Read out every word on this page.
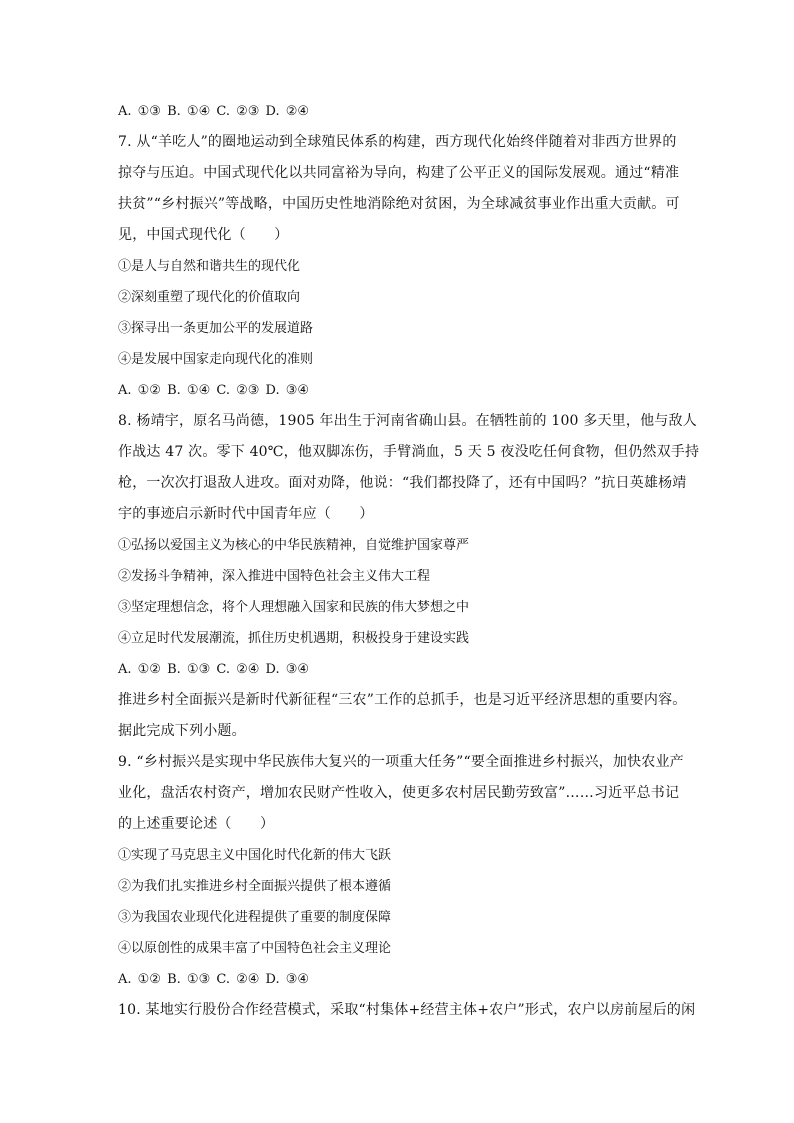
A. ①③ B. ①④ C. ②③ D. ②④
7. 从“羊吃人”的圈地运动到全球殖民体系的构建，西方现代化始终伴随着对非西方世界的
掠夺与压迫。中国式现代化以共同富裕为导向，构建了公平正义的国际发展观。通过“精准
扶贫”“乡村振兴”等战略，中国历史性地消除绝对贫困，为全球减贫事业作出重大贡献。可
见，中国式现代化（　　）
①是人与自然和谐共生的现代化
②深刻重塑了现代化的价值取向
③探寻出一条更加公平的发展道路
④是发展中国家走向现代化的准则
A. ①② B. ①④ C. ②③ D. ③④
8. 杨靖宇，原名马尚德，1905 年出生于河南省确山县。在牺牲前的 100 多天里，他与敌人
作战达 47 次。零下 40℃，他双脚冻伤，手臂淌血，5 天 5 夜没吃任何食物，但仍然双手持
枪，一次次打退敌人进攻。面对劝降，他说：“我们都投降了，还有中国吗？”抗日英雄杨靖
宇的事迹启示新时代中国青年应（　　）
①弘扬以爱国主义为核心的中华民族精神，自觉维护国家尊严
②发扬斗争精神，深入推进中国特色社会主义伟大工程
③坚定理想信念，将个人理想融入国家和民族的伟大梦想之中
④立足时代发展潮流，抓住历史机遇期，积极投身于建设实践
A. ①② B. ①③ C. ②④ D. ③④
推进乡村全面振兴是新时代新征程“三农”工作的总抓手，也是习近平经济思想的重要内容。
据此完成下列小题。
9. “乡村振兴是实现中华民族伟大复兴的一项重大任务”“要全面推进乡村振兴，加快农业产
业化，盘活农村资产，增加农民财产性收入，使更多农村居民勤劳致富”……习近平总书记
的上述重要论述（　　）
①实现了马克思主义中国化时代化新的伟大飞跃
②为我们扎实推进乡村全面振兴提供了根本遵循
③为我国农业现代化进程提供了重要的制度保障
④以原创性的成果丰富了中国特色社会主义理论
A. ①② B. ①③ C. ②④ D. ③④
10. 某地实行股份合作经营模式，采取“村集体+经营主体+农户”形式，农户以房前屋后的闲
